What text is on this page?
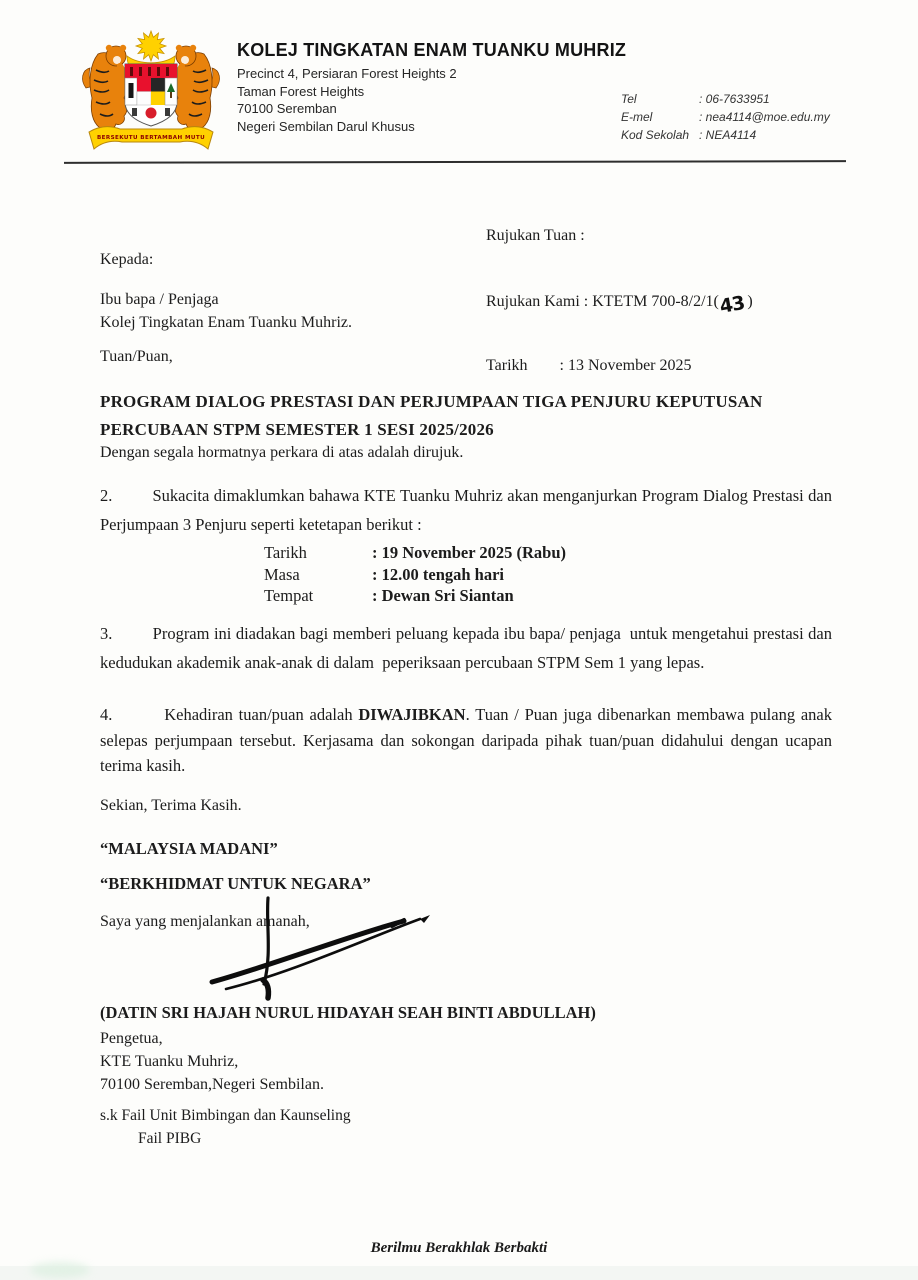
BERSEKUTU BERTAMBAH MUTU
KOLEJ TINGKATAN ENAM TUANKU MUHRIZ
Precinct 4, Persiaran Forest Heights 2
Taman Forest Heights
70100 Seremban
Negeri Sembilan Darul Khusus
Tel	: 06-7633951
E-mel	: nea4114@moe.edu.my
Kod Sekolah : NEA4114

Rujukan Tuan :

Rujukan Kami : KTETM 700-8/2/1(43 )

Tarikh        : 13 November 2025

Kepada:
Ibu bapa / Penjaga
Kolej Tingkatan Enam Tuanku Muhriz.
Tuan/Puan,
PROGRAM DIALOG PRESTASI DAN PERJUMPAAN TIGA PENJURU KEPUTUSAN
PERCUBAAN STPM SEMESTER 1 SESI 2025/2026
Dengan segala hormatnya perkara di atas adalah dirujuk.
2.         Sukacita dimaklumkan bahawa KTE Tuanku Muhriz akan menganjurkan Program Dialog Prestasi dan Perjumpaan 3 Penjuru seperti ketetapan berikut :
Tarikh	: 19 November 2025 (Rabu)
Masa	: 12.00 tengah hari
Tempat	: Dewan Sri Siantan
3.         Program ini diadakan bagi memberi peluang kepada ibu bapa/ penjaga  untuk mengetahui prestasi dan kedudukan akademik anak-anak di dalam  peperiksaan percubaan STPM Sem 1 yang lepas.
4.         Kehadiran tuan/puan adalah DIWAJIBKAN. Tuan / Puan juga dibenarkan membawa pulang anak selepas perjumpaan tersebut. Kerjasama dan sokongan daripada pihak tuan/puan didahului dengan ucapan terima kasih.
Sekian, Terima Kasih.
“MALAYSIA MADANI”
“BERKHIDMAT UNTUK NEGARA”
Saya yang menjalankan amanah,
(DATIN SRI HAJAH NURUL HIDAYAH SEAH BINTI ABDULLAH)
Pengetua,
KTE Tuanku Muhriz,
70100 Seremban,Negeri Sembilan.
s.k Fail Unit Bimbingan dan Kaunseling
Fail PIBG
Berilmu Berakhlak Berbakti
